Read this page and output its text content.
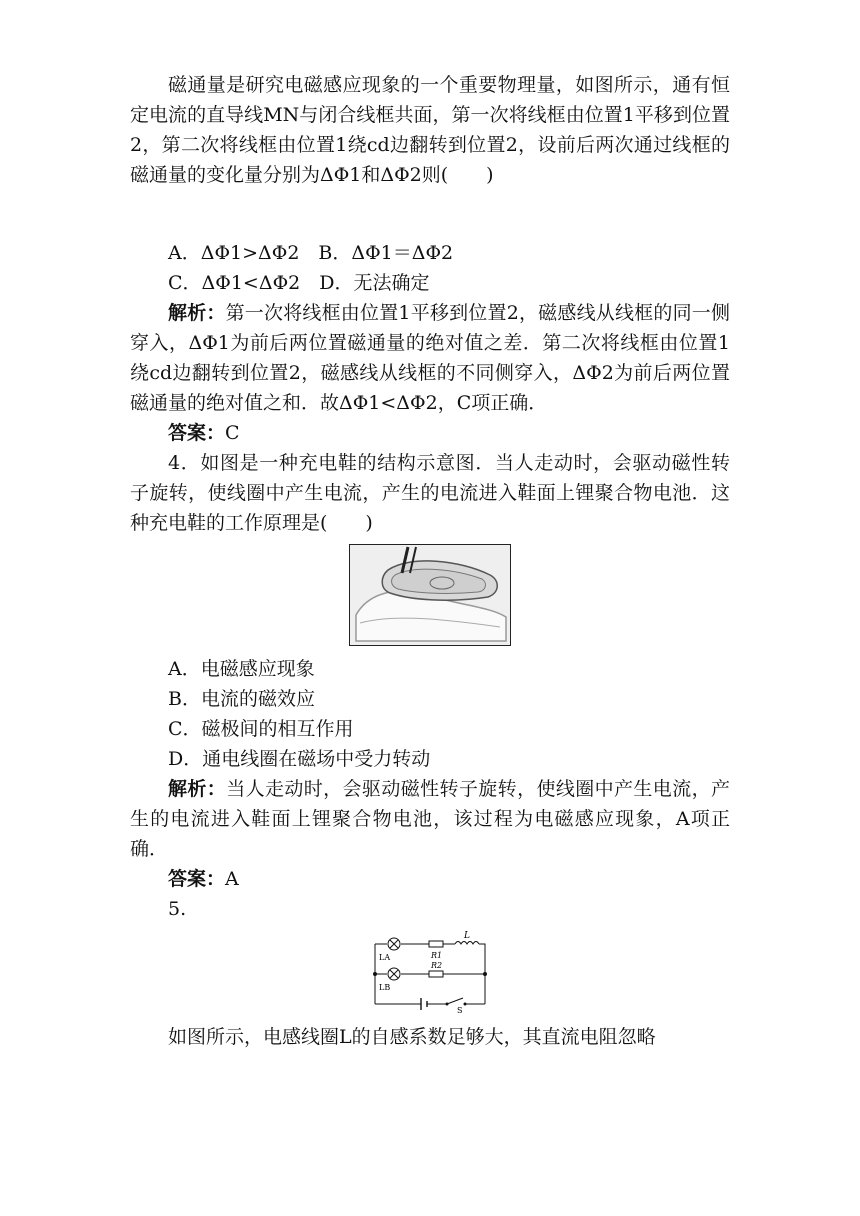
磁通量是研究电磁感应现象的一个重要物理量，如图所示，通有恒定电流的直导线MN与闭合线框共面，第一次将线框由位置1平移到位置2，第二次将线框由位置1绕cd边翻转到位置2，设前后两次通过线框的磁通量的变化量分别为ΔΦ1和ΔΦ2则(　　)

A．ΔΦ1>ΔΦ2　B．ΔΦ1＝ΔΦ2

C．ΔΦ1<ΔΦ2　D．无法确定

解析：第一次将线框由位置1平移到位置2，磁感线从线框的同一侧穿入，ΔΦ1为前后两位置磁通量的绝对值之差．第二次将线框由位置1绕cd边翻转到位置2，磁感线从线框的不同侧穿入，ΔΦ2为前后两位置磁通量的绝对值之和．故ΔΦ1<ΔΦ2，C项正确．

答案：C

4．如图是一种充电鞋的结构示意图．当人走动时，会驱动磁性转子旋转，使线圈中产生电流，产生的电流进入鞋面上锂聚合物电池．这种充电鞋的工作原理是(　　)

A．电磁感应现象

B．电流的磁效应

C．磁极间的相互作用

D．通电线圈在磁场中受力转动

解析：当人走动时，会驱动磁性转子旋转，使线圈中产生电流，产生的电流进入鞋面上锂聚合物电池，该过程为电磁感应现象，A项正确．

答案：A

5.

L
LA
LB
R1
R2
S

如图所示，电感线圈L的自感系数足够大，其直流电阻忽略
